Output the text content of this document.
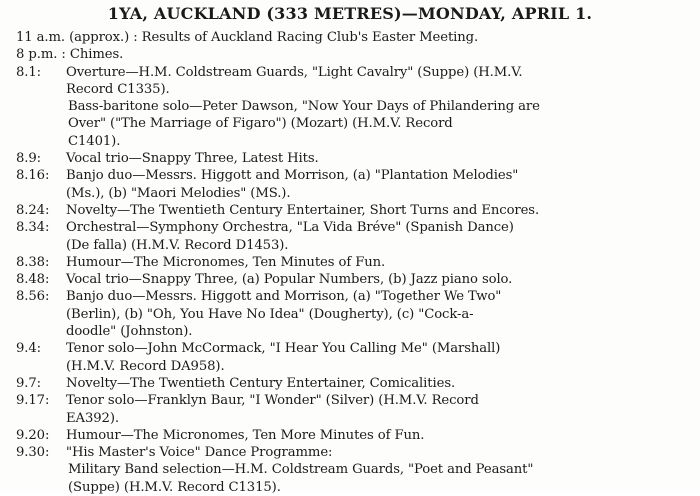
1YA, AUCKLAND (333 METRES)—MONDAY, APRIL 1.
11 a.m. (approx.) : Results of Auckland Racing Club's Easter Meeting.
8 p.m. : Chimes.
8.1:	Overture—H.M. Coldstream Guards, "Light Cavalry" (Suppe) (H.M.V.
Record C1335).
Bass-baritone solo—Peter Dawson, "Now Your Days of Philandering are
Over" ("The Marriage of Figaro") (Mozart) (H.M.V. Record
C1401).
8.9:	Vocal trio—Snappy Three, Latest Hits.
8.16:	Banjo duo—Messrs. Higgott and Morrison, (a) "Plantation Melodies"
(Ms.), (b) "Maori Melodies" (MS.).
8.24:	Novelty—The Twentieth Century Entertainer, Short Turns and Encores.
8.34:	Orchestral—Symphony Orchestra, "La Vida Bréve" (Spanish Dance)
(De falla) (H.M.V. Record D1453).
8.38:	Humour—The Micronomes, Ten Minutes of Fun.
8.48:	Vocal trio—Snappy Three, (a) Popular Numbers, (b) Jazz piano solo.
8.56:	Banjo duo—Messrs. Higgott and Morrison, (a) "Together We Two"
(Berlin), (b) "Oh, You Have No Idea" (Dougherty), (c) "Cock-a-
doodle" (Johnston).
9.4:	Tenor solo—John McCormack, "I Hear You Calling Me" (Marshall)
(H.M.V. Record DA958).
9.7:	Novelty—The Twentieth Century Entertainer, Comicalities.
9.17:	Tenor solo—Franklyn Baur, "I Wonder" (Silver) (H.M.V. Record
EA392).
9.20:	Humour—The Micronomes, Ten More Minutes of Fun.
9.30:	"His Master's Voice" Dance Programme:
Military Band selection—H.M. Coldstream Guards, "Poet and Peasant"
(Suppe) (H.M.V. Record C1315).
